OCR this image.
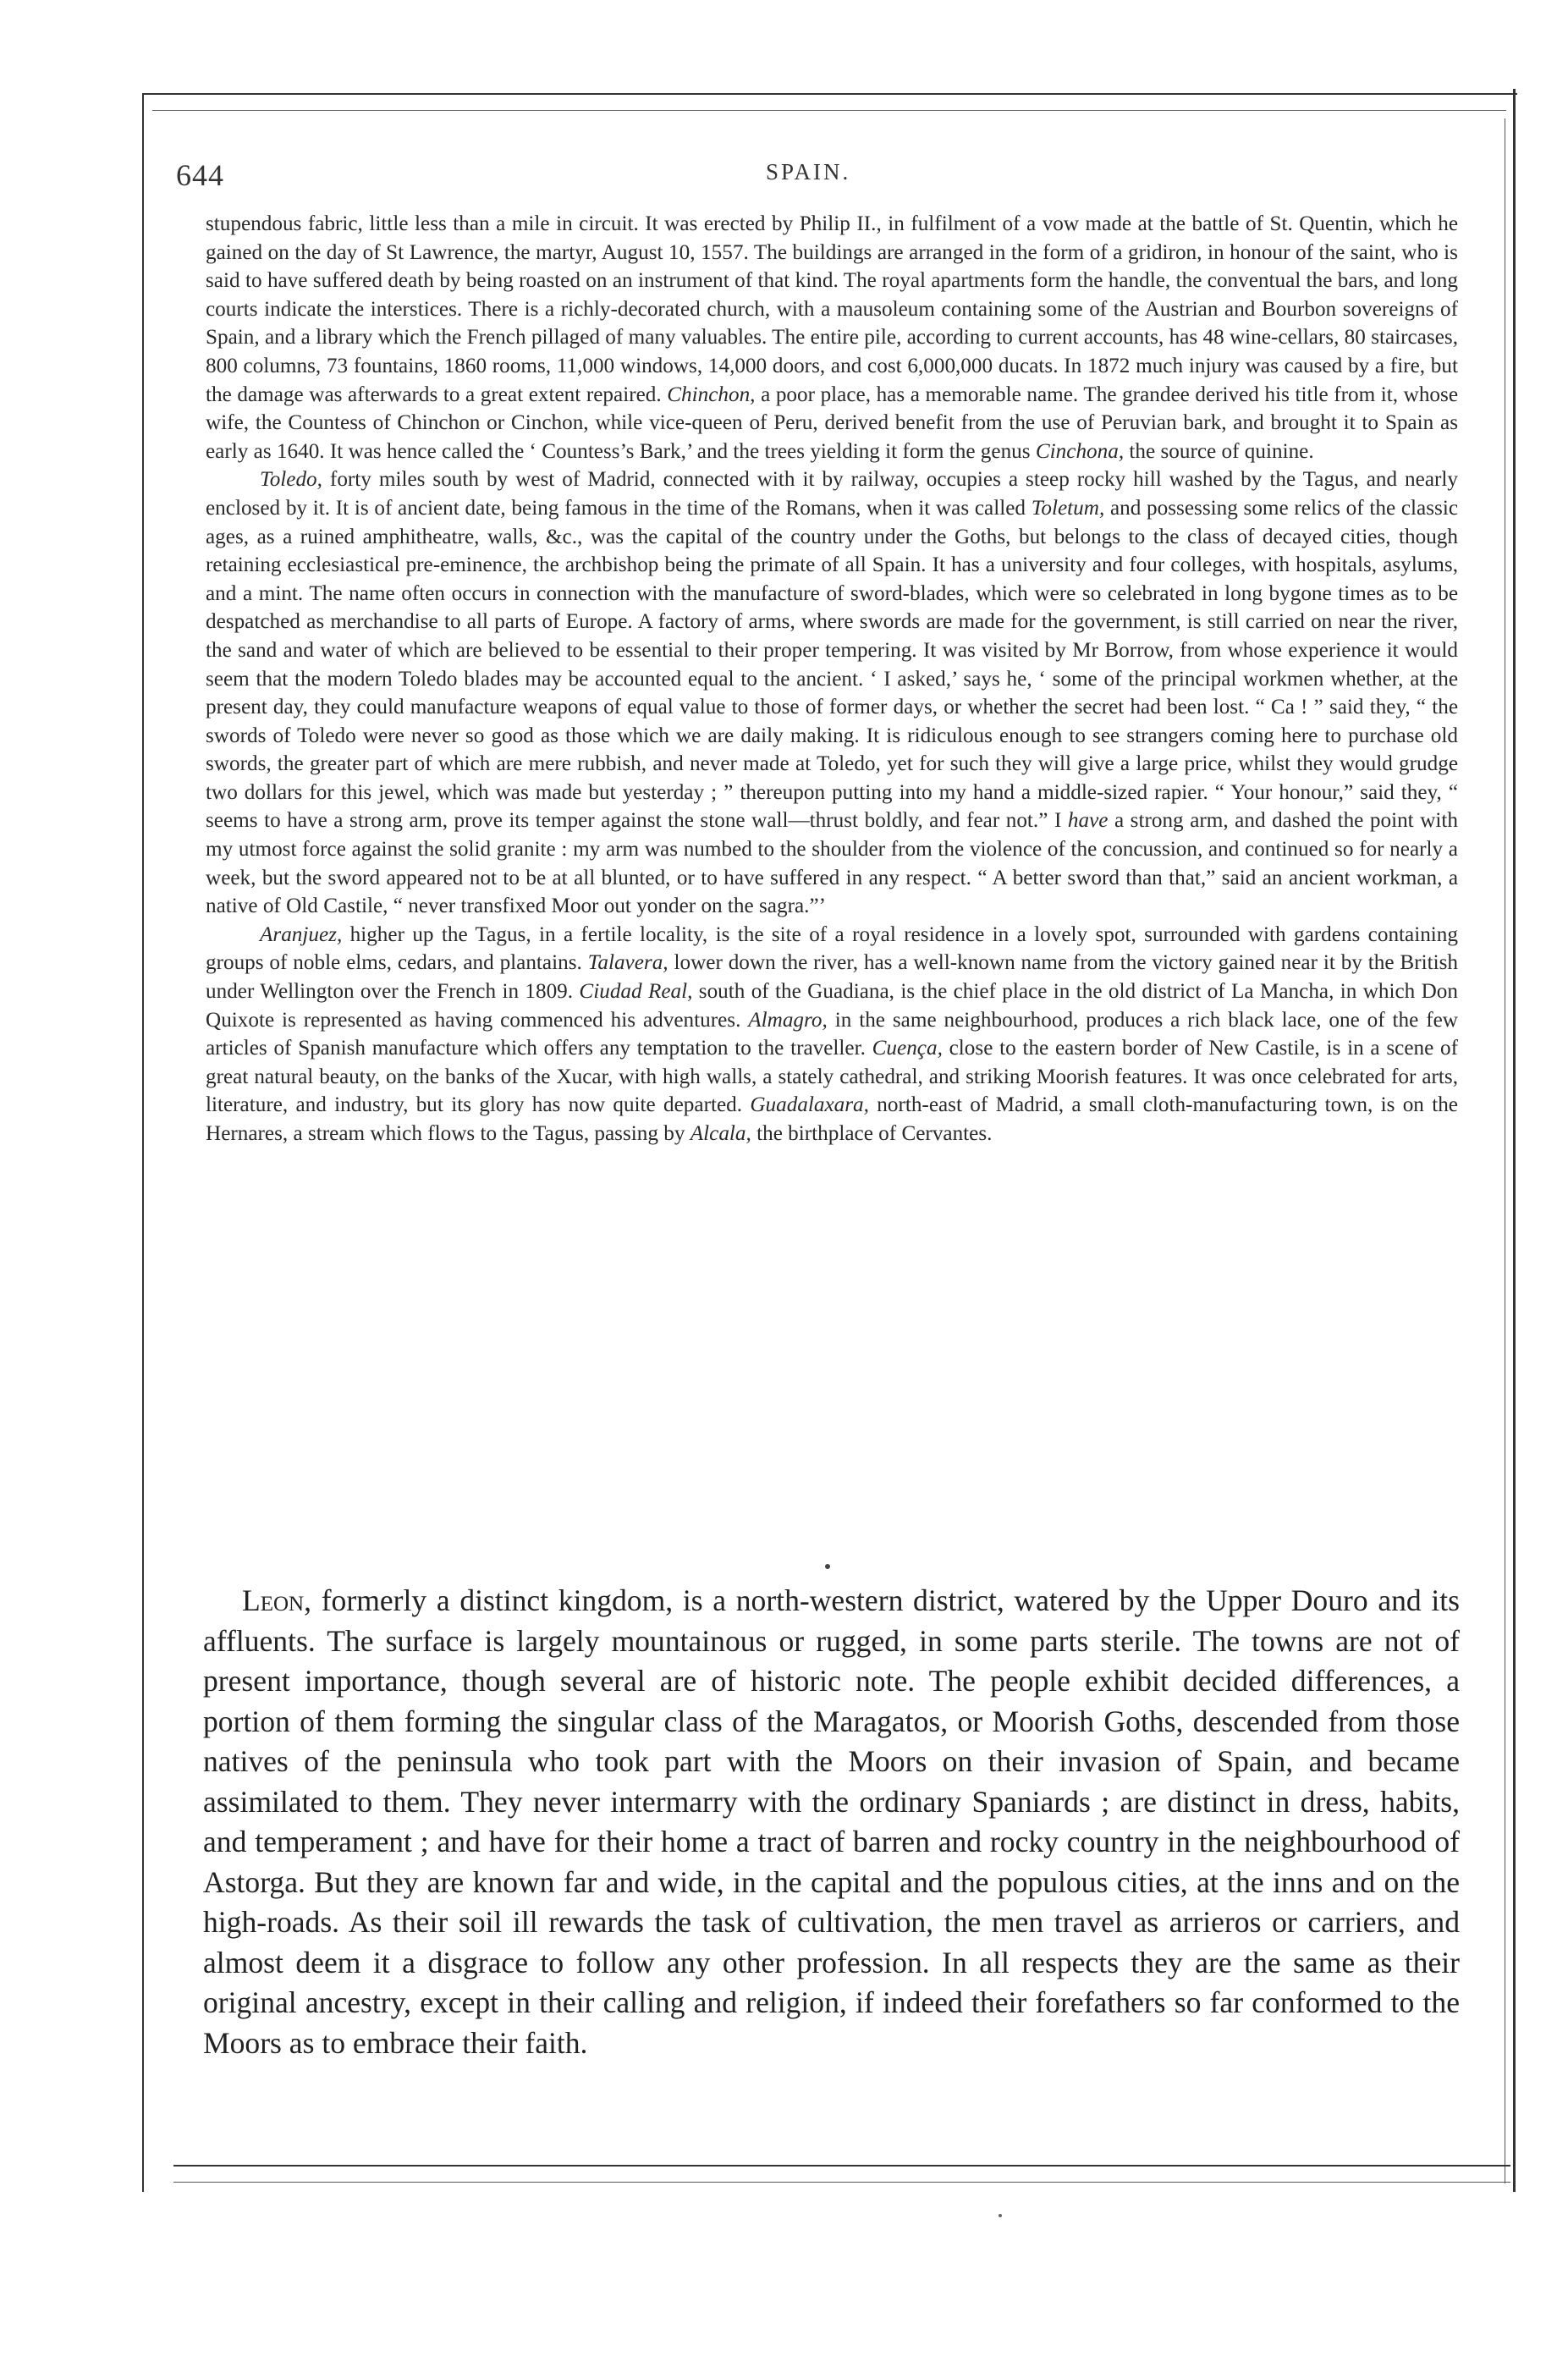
644	SPAIN.

stupendous fabric, little less than a mile in circuit. It was erected by Philip II., in fulfilment of a vow made at the battle of St. Quentin, which he gained on the day of St Lawrence, the martyr, August 10, 1557. The buildings are arranged in the form of a gridiron, in honour of the saint, who is said to have suffered death by being roasted on an instrument of that kind. The royal apartments form the handle, the conventual the bars, and long courts indicate the interstices. There is a richly-decorated church, with a mausoleum containing some of the Austrian and Bourbon sovereigns of Spain, and a library which the French pillaged of many valuables. The entire pile, according to current accounts, has 48 wine-cellars, 80 staircases, 800 columns, 73 fountains, 1860 rooms, 11,000 windows, 14,000 doors, and cost 6,000,000 ducats. In 1872 much injury was caused by a fire, but the damage was afterwards to a great extent repaired. Chinchon, a poor place, has a memorable name. The grandee derived his title from it, whose wife, the Countess of Chinchon or Cinchon, while vice-queen of Peru, derived benefit from the use of Peruvian bark, and brought it to Spain as early as 1640. It was hence called the ‘ Countess’s Bark,’ and the trees yielding it form the genus Cinchona, the source of quinine.

Toledo, forty miles south by west of Madrid, connected with it by railway, occupies a steep rocky hill washed by the Tagus, and nearly enclosed by it. It is of ancient date, being famous in the time of the Romans, when it was called Toletum, and possessing some relics of the classic ages, as a ruined amphitheatre, walls, &c., was the capital of the country under the Goths, but belongs to the class of decayed cities, though retaining ecclesiastical pre-eminence, the archbishop being the primate of all Spain. It has a university and four colleges, with hospitals, asylums, and a mint. The name often occurs in connection with the manufacture of sword-blades, which were so celebrated in long bygone times as to be despatched as merchandise to all parts of Europe. A factory of arms, where swords are made for the government, is still carried on near the river, the sand and water of which are believed to be essential to their proper tempering. It was visited by Mr Borrow, from whose experience it would seem that the modern Toledo blades may be accounted equal to the ancient. ‘ I asked,’ says he, ‘ some of the principal workmen whether, at the present day, they could manufacture weapons of equal value to those of former days, or whether the secret had been lost. “ Ca ! ” said they, “ the swords of Toledo were never so good as those which we are daily making. It is ridiculous enough to see strangers coming here to purchase old swords, the greater part of which are mere rubbish, and never made at Toledo, yet for such they will give a large price, whilst they would grudge two dollars for this jewel, which was made but yesterday ; ” thereupon putting into my hand a middle-sized rapier. “ Your honour,” said they, “ seems to have a strong arm, prove its temper against the stone wall—thrust boldly, and fear not.” I have a strong arm, and dashed the point with my utmost force against the solid granite : my arm was numbed to the shoulder from the violence of the concussion, and continued so for nearly a week, but the sword appeared not to be at all blunted, or to have suffered in any respect. “ A better sword than that,” said an ancient workman, a native of Old Castile, “ never transfixed Moor out yonder on the sagra.”’

Aranjuez, higher up the Tagus, in a fertile locality, is the site of a royal residence in a lovely spot, surrounded with gardens containing groups of noble elms, cedars, and plantains. Talavera, lower down the river, has a well-known name from the victory gained near it by the British under Wellington over the French in 1809. Ciudad Real, south of the Guadiana, is the chief place in the old district of La Mancha, in which Don Quixote is represented as having commenced his adventures. Almagro, in the same neighbourhood, produces a rich black lace, one of the few articles of Spanish manufacture which offers any temptation to the traveller. Cuença, close to the eastern border of New Castile, is in a scene of great natural beauty, on the banks of the Xucar, with high walls, a stately cathedral, and striking Moorish features. It was once celebrated for arts, literature, and industry, but its glory has now quite departed. Guadalaxara, north-east of Madrid, a small cloth-manufacturing town, is on the Hernares, a stream which flows to the Tagus, passing by Alcala, the birthplace of Cervantes.

Leon, formerly a distinct kingdom, is a north-western district, watered by the Upper Douro and its affluents. The surface is largely mountainous or rugged, in some parts sterile. The towns are not of present importance, though several are of historic note. The people exhibit decided differences, a portion of them forming the singular class of the Maragatos, or Moorish Goths, descended from those natives of the peninsula who took part with the Moors on their invasion of Spain, and became assimilated to them. They never intermarry with the ordinary Spaniards ; are distinct in dress, habits, and temperament ; and have for their home a tract of barren and rocky country in the neighbourhood of Astorga. But they are known far and wide, in the capital and the populous cities, at the inns and on the high-roads. As their soil ill rewards the task of cultivation, the men travel as arrieros or carriers, and almost deem it a disgrace to follow any other profession. In all respects they are the same as their original ancestry, except in their calling and religion, if indeed their forefathers so far conformed to the Moors as to embrace their faith.
